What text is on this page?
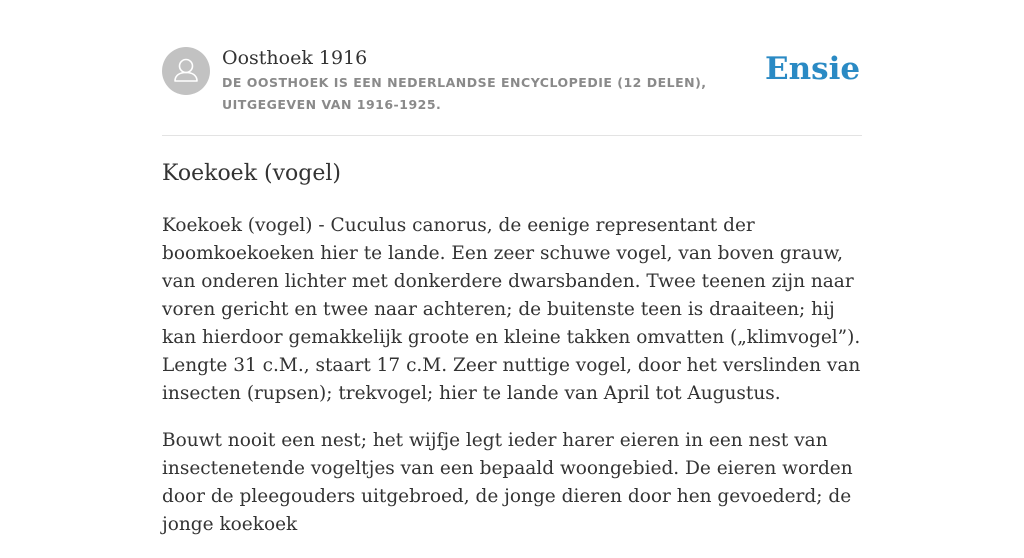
Oosthoek 1916
DE OOSTHOEK IS EEN NEDERLANDSE ENCYCLOPEDIE (12 DELEN), UITGEGEVEN VAN 1916-1925.
Ensie
Koekoek (vogel)

Koekoek (vogel) - Cuculus canorus, de eenige representant der boomkoekoeken hier te lande. Een zeer schuwe vogel, van boven grauw, van onderen lichter met donkerdere dwarsbanden. Twee teenen zijn naar voren gericht en twee naar achteren; de buitenste teen is draaiteen; hij kan hierdoor gemakkelijk groote en kleine takken omvatten („klimvogel”). Lengte 31 c.M., staart 17 c.M. Zeer nuttige vogel, door het verslinden van insecten (rupsen); trekvogel; hier te lande van April tot Augustus.

Bouwt nooit een nest; het wijfje legt ieder harer eieren in een nest van insectenetende vogeltjes van een bepaald woongebied. De eieren worden door de pleegouders uitgebroed, de jonge dieren door hen gevoederd; de jonge koekoek
